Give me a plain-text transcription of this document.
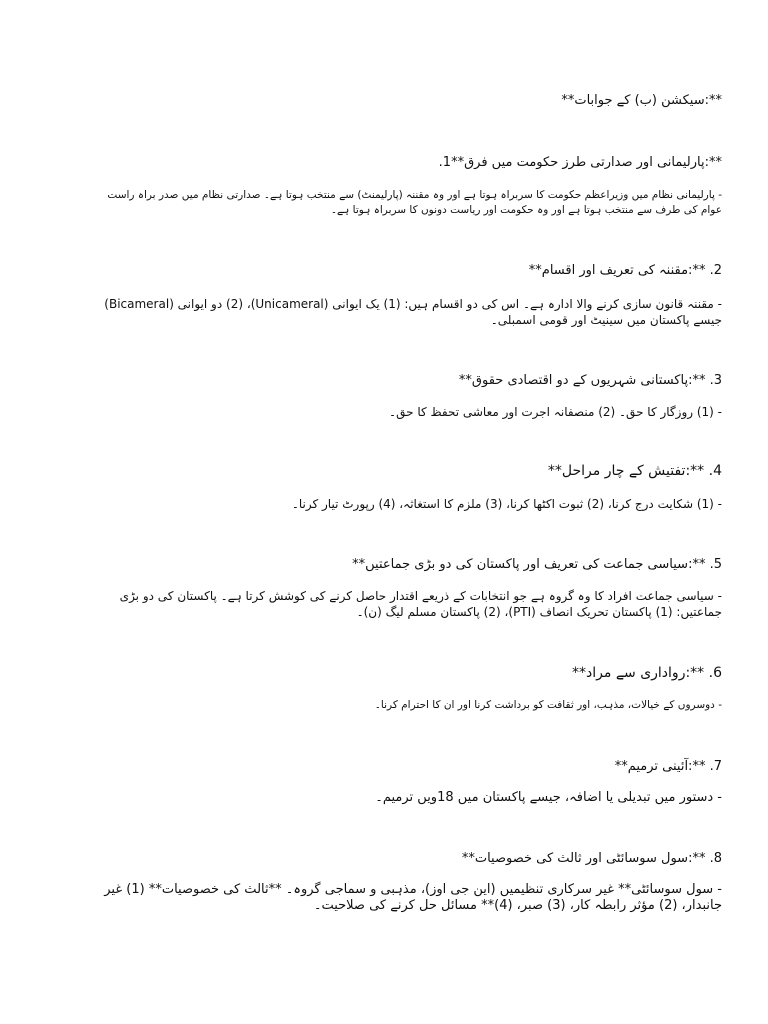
**:سیکشن (ب) کے جوابات**
**:پارلیمانی اور صدارتی طرز حکومت میں فرق**1.
- پارلیمانی نظام میں وزیراعظم حکومت کا سربراہ ہوتا ہے اور وہ مقننہ (پارلیمنٹ) سے منتخب ہوتا ہے۔ صدارتی نظام میں صدر براہ راست عوام کی طرف سے منتخب ہوتا ہے اور وہ حکومت اور ریاست دونوں کا سربراہ ہوتا ہے۔
2. **:مقننہ کی تعریف اور اقسام**
- مقننہ قانون سازی کرنے والا ادارہ ہے۔ اس کی دو اقسام ہیں: (1) یک ایوانی (Unicameral)، (2) دو ایوانی (Bicameral) جیسے پاکستان میں سینیٹ اور قومی اسمبلی۔
3. **:پاکستانی شہریوں کے دو اقتصادی حقوق**
- (1) روزگار کا حق۔ (2) منصفانہ اجرت اور معاشی تحفظ کا حق۔
4. **:تفتیش کے چار مراحل**
- (1) شکایت درج کرنا، (2) ثبوت اکٹھا کرنا، (3) ملزم کا استغاثہ، (4) رپورٹ تیار کرنا۔
5. **:سیاسی جماعت کی تعریف اور پاکستان کی دو بڑی جماعتیں**
- سیاسی جماعت افراد کا وہ گروہ ہے جو انتخابات کے ذریعے اقتدار حاصل کرنے کی کوشش کرتا ہے۔ پاکستان کی دو بڑی جماعتیں: (1) پاکستان تحریک انصاف (PTI)، (2) پاکستان مسلم لیگ (ن)۔
6. **:رواداری سے مراد**
- دوسروں کے خیالات، مذہب، اور ثقافت کو برداشت کرنا اور ان کا احترام کرنا۔
7. **:آئینی ترمیم**
- دستور میں تبدیلی یا اضافہ، جیسے پاکستان میں 18ویں ترمیم۔
8. **:سول سوسائٹی اور ثالث کی خصوصیات**
- سول سوسائٹی** غیر سرکاری تنظیمیں (این جی اوز)، مذہبی و سماجی گروہ۔ **ثالث کی خصوصیات** (1) غیر جانبدار، (2) مؤثر رابطہ کار، (3) صبر، (4)** مسائل حل کرنے کی صلاحیت۔
